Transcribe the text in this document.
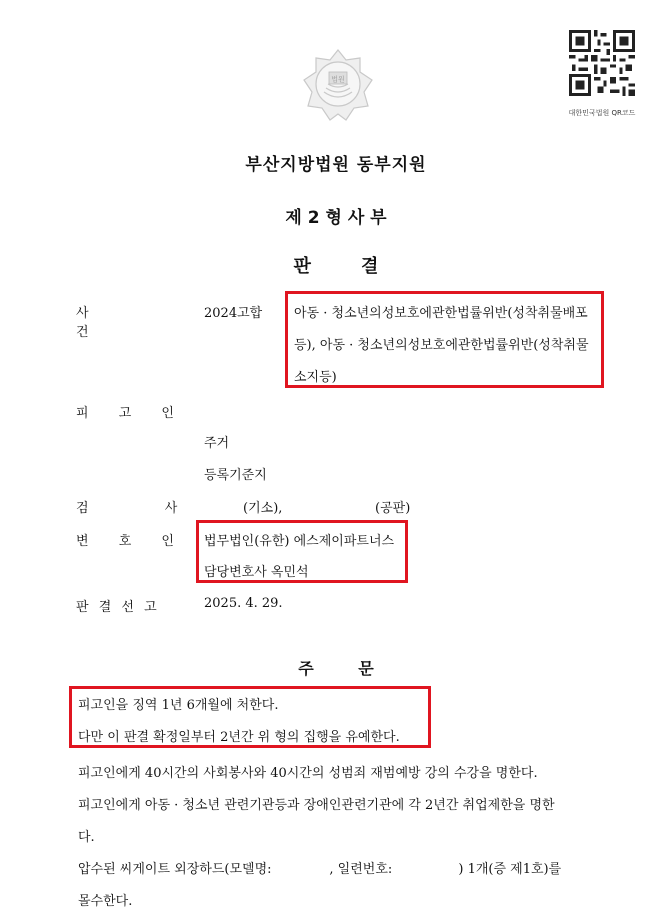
법원
대한민국법원 QR코드
부산지방법원 동부지원
제 2 형 사 부
판        결
사 건
2024고합 아동 · 청소년의성보호에관한법률위반(성착취물배포
등), 아동 · 청소년의성보호에관한법률위반(성착취물
소지등)
피 고 인
주거
등록기준지
검 사 (기소),	(공판)
변 호 인 법무법인(유한) 에스제이파트너스
담당변호사 옥민석
판 결 선 고	2025. 4. 29.
주        문
피고인을 징역 1년 6개월에 처한다.
다만 이 판결 확정일부터 2년간 위 형의 집행을 유예한다.
피고인에게 40시간의 사회봉사와 40시간의 성범죄 재범예방 강의 수강을 명한다.
피고인에게 아동 · 청소년 관련기관등과 장애인관련기관에 각 2년간 취업제한을 명한
다.
압수된 씨게이트 외장하드(모델명:              , 일련번호:                ) 1개(증 제1호)를
몰수한다.
